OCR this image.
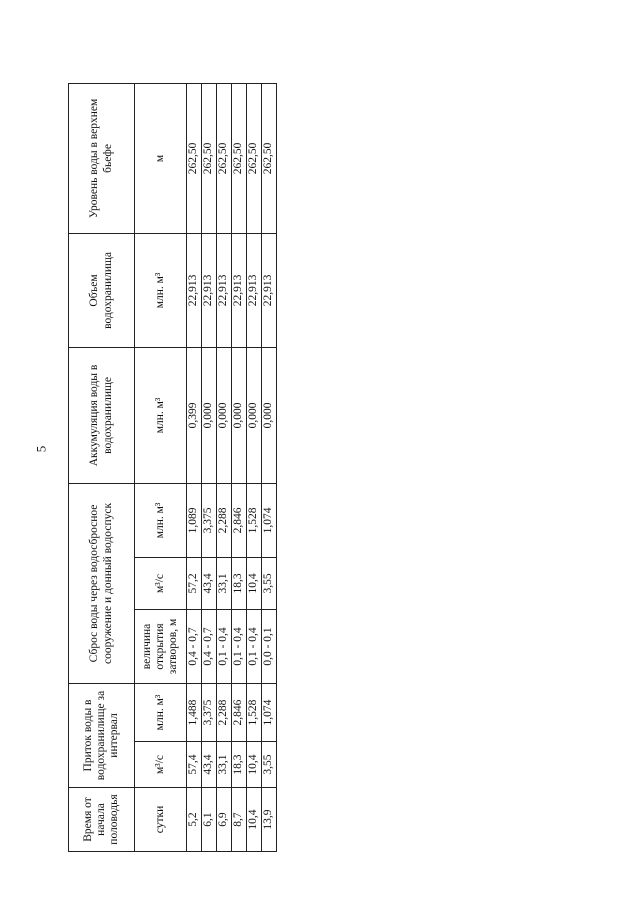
5
Время от начала половодья	Приток воды в водохранилище за интервал		Сброс воды через водосбросное сооружение и донный водоспуск			Аккумуляция воды в водохранилище	Объем водохранилища	Уровень воды в верхнем бьефе
сутки	м³/с	млн. м³	величина открытия затворов, м	м³/с	млн. м³	млн. м³	млн. м³	м
5,2	57,4	1,488	0,4 - 0,7	57,2	1,089	0,399	22,913	262,50
6,1	43,4	3,375	0,4 - 0,7	43,4	3,375	0,000	22,913	262,50
6,9	33,1	2,288	0,1 - 0,4	33,1	2,288	0,000	22,913	262,50
8,7	18,3	2,846	0,1 - 0,4	18,3	2,846	0,000	22,913	262,50
10,4	10,4	1,528	0,1 - 0,4	10,4	1,528	0,000	22,913	262,50
13,9	3,55	1,074	0,0 - 0,1	3,55	1,074	0,000	22,913	262,50
